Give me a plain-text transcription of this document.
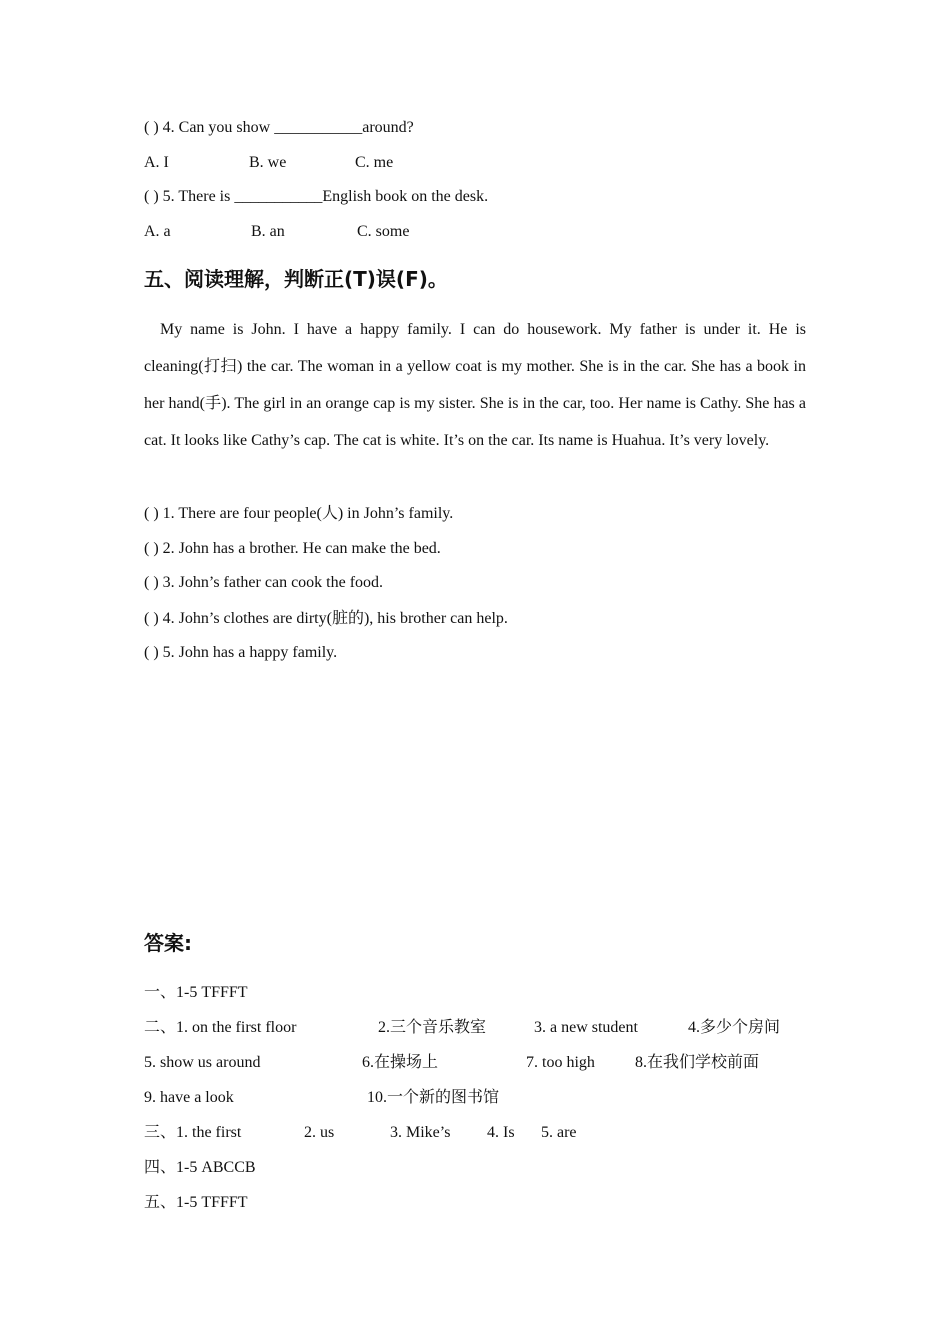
( ) 4. Can you show ___________around?
A. I	B. we	C. me
( ) 5. There is ___________English book on the desk.
A. a	B. an	C. some
五、阅读理解，判断正(T)误(F)。
My name is John. I have a happy family. I can do housework. My father is under it. He is cleaning(打扫) the car. The woman in a yellow coat is my mother. She is in the car. She has a book in her hand(手). The girl in an orange cap is my sister. She is in the car, too. Her name is Cathy. She has a cat. It looks like Cathy’s cap. The cat is white. It’s on the car. Its name is Huahua. It’s very lovely.
( ) 1. There are four people(人) in John’s family.
( ) 2. John has a brother. He can make the bed.
( ) 3. John’s father can cook the food.
( ) 4. John’s clothes are dirty(脏的), his brother can help.
( ) 5. John has a happy family.
答案:
一、1-5 TFFFT
二、1. on the first floor	2.三个音乐教室	3. a new student	4.多少个房间
5. show us around	6.在操场上	7. too high	8.在我们学校前面
9. have a look	10.一个新的图书馆
三、1. the first	2. us	3. Mike’s 4. Is 5. are
四、1-5 ABCCB
五、1-5 TFFFT
